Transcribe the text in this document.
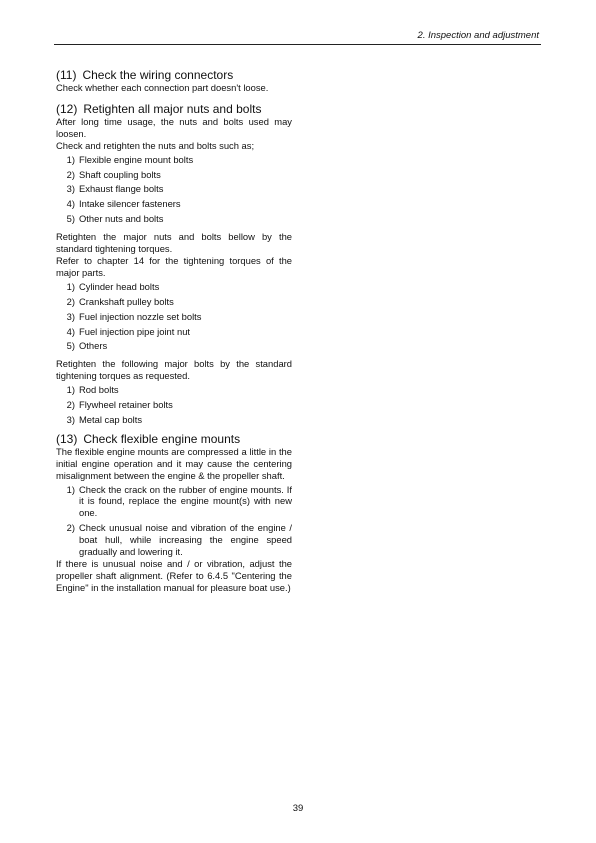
2. Inspection and adjustment

(11) Check the wiring connectors

Check whether each connection part doesn't loose.

(12) Retighten all major nuts and bolts

After long time usage, the nuts and bolts used may loosen.

Check and retighten the nuts and bolts such as;

1) Flexible engine mount bolts
2) Shaft coupling bolts
3) Exhaust flange bolts
4) Intake silencer fasteners
5) Other nuts and bolts

Retighten the major nuts and bolts bellow by the standard tightening torques.

Refer to chapter 14 for the tightening torques of the major parts.

1) Cylinder head bolts
2) Crankshaft pulley bolts
3) Fuel injection nozzle set bolts
4) Fuel injection pipe joint nut
5) Others

Retighten the following major bolts by the standard tightening torques as requested.

1) Rod bolts
2) Flywheel retainer bolts
3) Metal cap bolts

(13) Check flexible engine mounts

The flexible engine mounts are compressed a little in the initial engine operation and it may cause the centering misalignment between the engine & the propeller shaft.

1) Check the crack on the rubber of engine mounts. If it is found, replace the engine mount(s) with new one.
2) Check unusual noise and vibration of the engine / boat hull, while increasing the engine speed gradually and lowering it.

If there is unusual noise and / or vibration, adjust the propeller shaft alignment. (Refer to 6.4.5 "Centering the Engine" in the installation manual for pleasure boat use.)

39
